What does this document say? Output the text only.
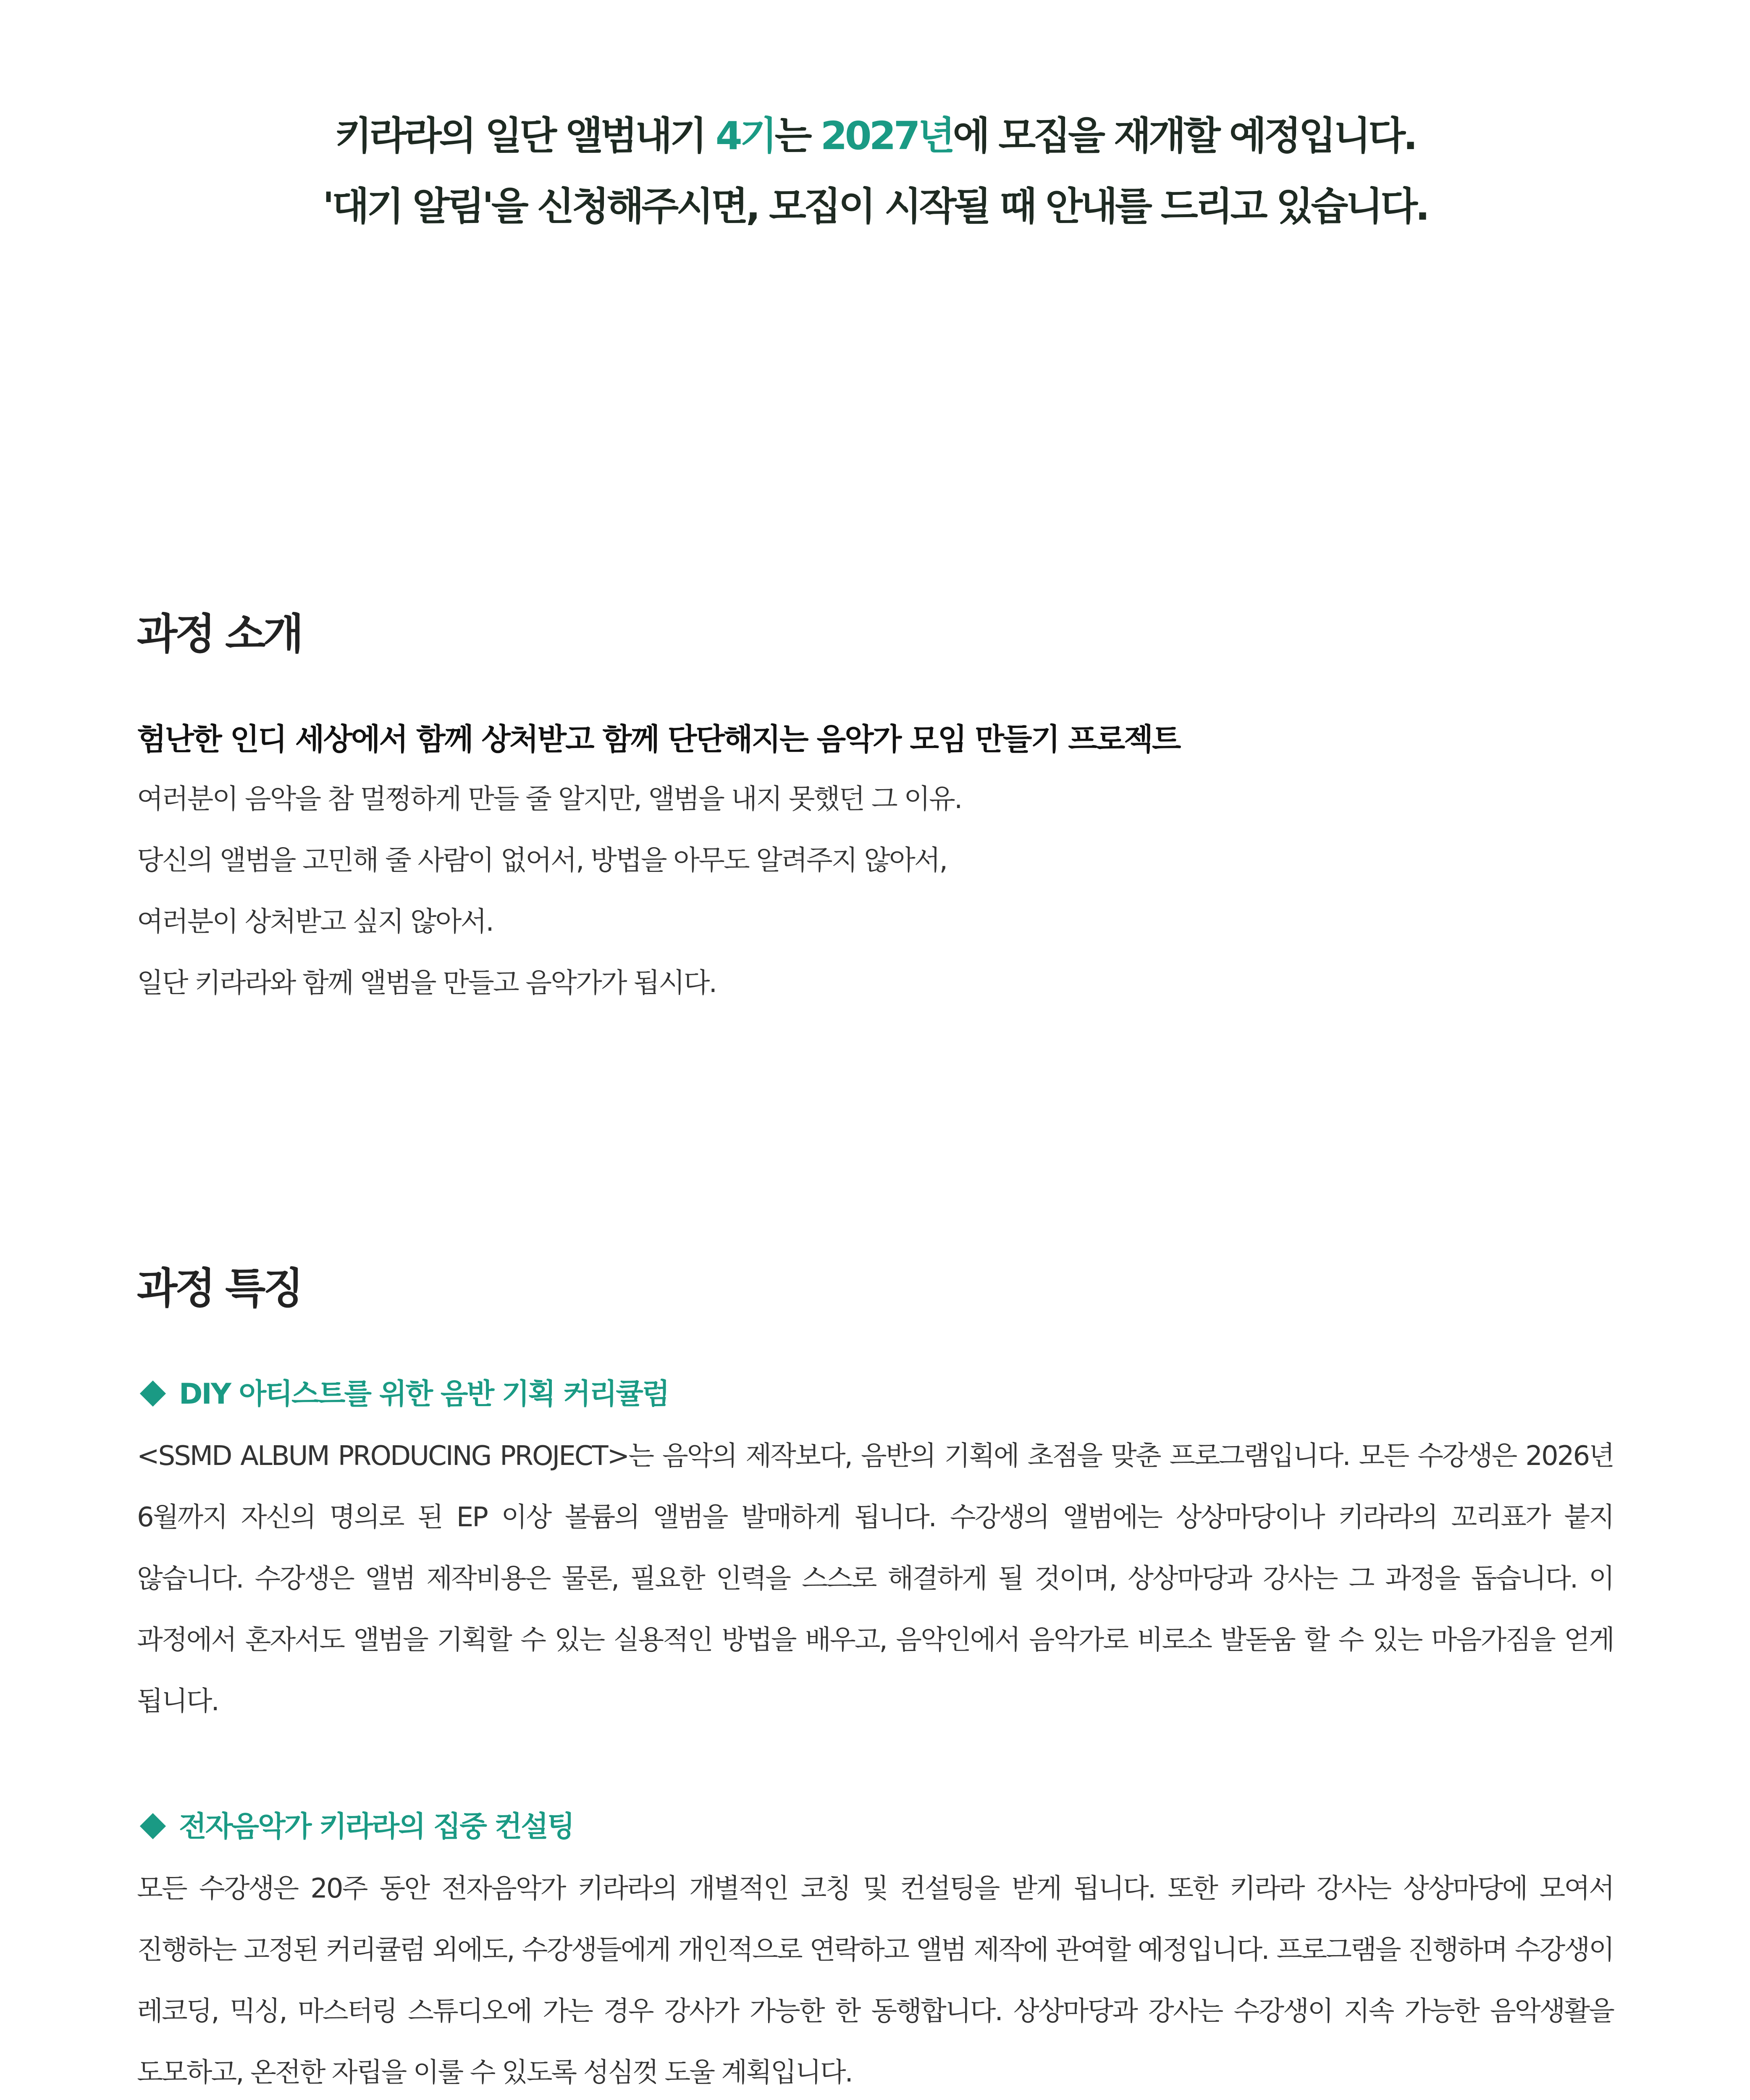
키라라의 일단 앨범내기 4기는 2027년에 모집을 재개할 예정입니다.
'대기 알림'을 신청해주시면, 모집이 시작될 때 안내를 드리고 있습니다.
과정 소개

험난한 인디 세상에서 함께 상처받고 함께 단단해지는 음악가 모임 만들기 프로젝트

여러분이 음악을 참 멀쩡하게 만들 줄 알지만, 앨범을 내지 못했던 그 이유.

당신의 앨범을 고민해 줄 사람이 없어서, 방법을 아무도 알려주지 않아서,

여러분이 상처받고 싶지 않아서.

일단 키라라와 함께 앨범을 만들고 음악가가 됩시다.

과정 특징
DIY 아티스트를 위한 음반 기획 커리큘럼

<SSMD ALBUM PRODUCING PROJECT>는 음악의 제작보다, 음반의 기획에 초점을 맞춘 프로그램입니다. 모든 수강생은 2026년 6월까지 자신의 명의로 된 EP 이상 볼륨의 앨범을 발매하게 됩니다. 수강생의 앨범에는 상상마당이나 키라라의 꼬리표가 붙지 않습니다. 수강생은 앨범 제작비용은 물론, 필요한 인력을 스스로 해결하게 될 것이며, 상상마당과 강사는 그 과정을 돕습니다. 이 과정에서 혼자서도 앨범을 기획할 수 있는 실용적인 방법을 배우고, 음악인에서 음악가로 비로소 발돋움 할 수 있는 마음가짐을 얻게 됩니다.

전자음악가 키라라의 집중 컨설팅

모든 수강생은 20주 동안 전자음악가 키라라의 개별적인 코칭 및 컨설팅을 받게 됩니다. 또한 키라라 강사는 상상마당에 모여서 진행하는 고정된 커리큘럼 외에도, 수강생들에게 개인적으로 연락하고 앨범 제작에 관여할 예정입니다. 프로그램을 진행하며 수강생이 레코딩, 믹싱, 마스터링 스튜디오에 가는 경우 강사가 가능한 한 동행합니다. 상상마당과 강사는 수강생이 지속 가능한 음악생활을 도모하고, 온전한 자립을 이룰 수 있도록 성심껏 도울 계획입니다.
